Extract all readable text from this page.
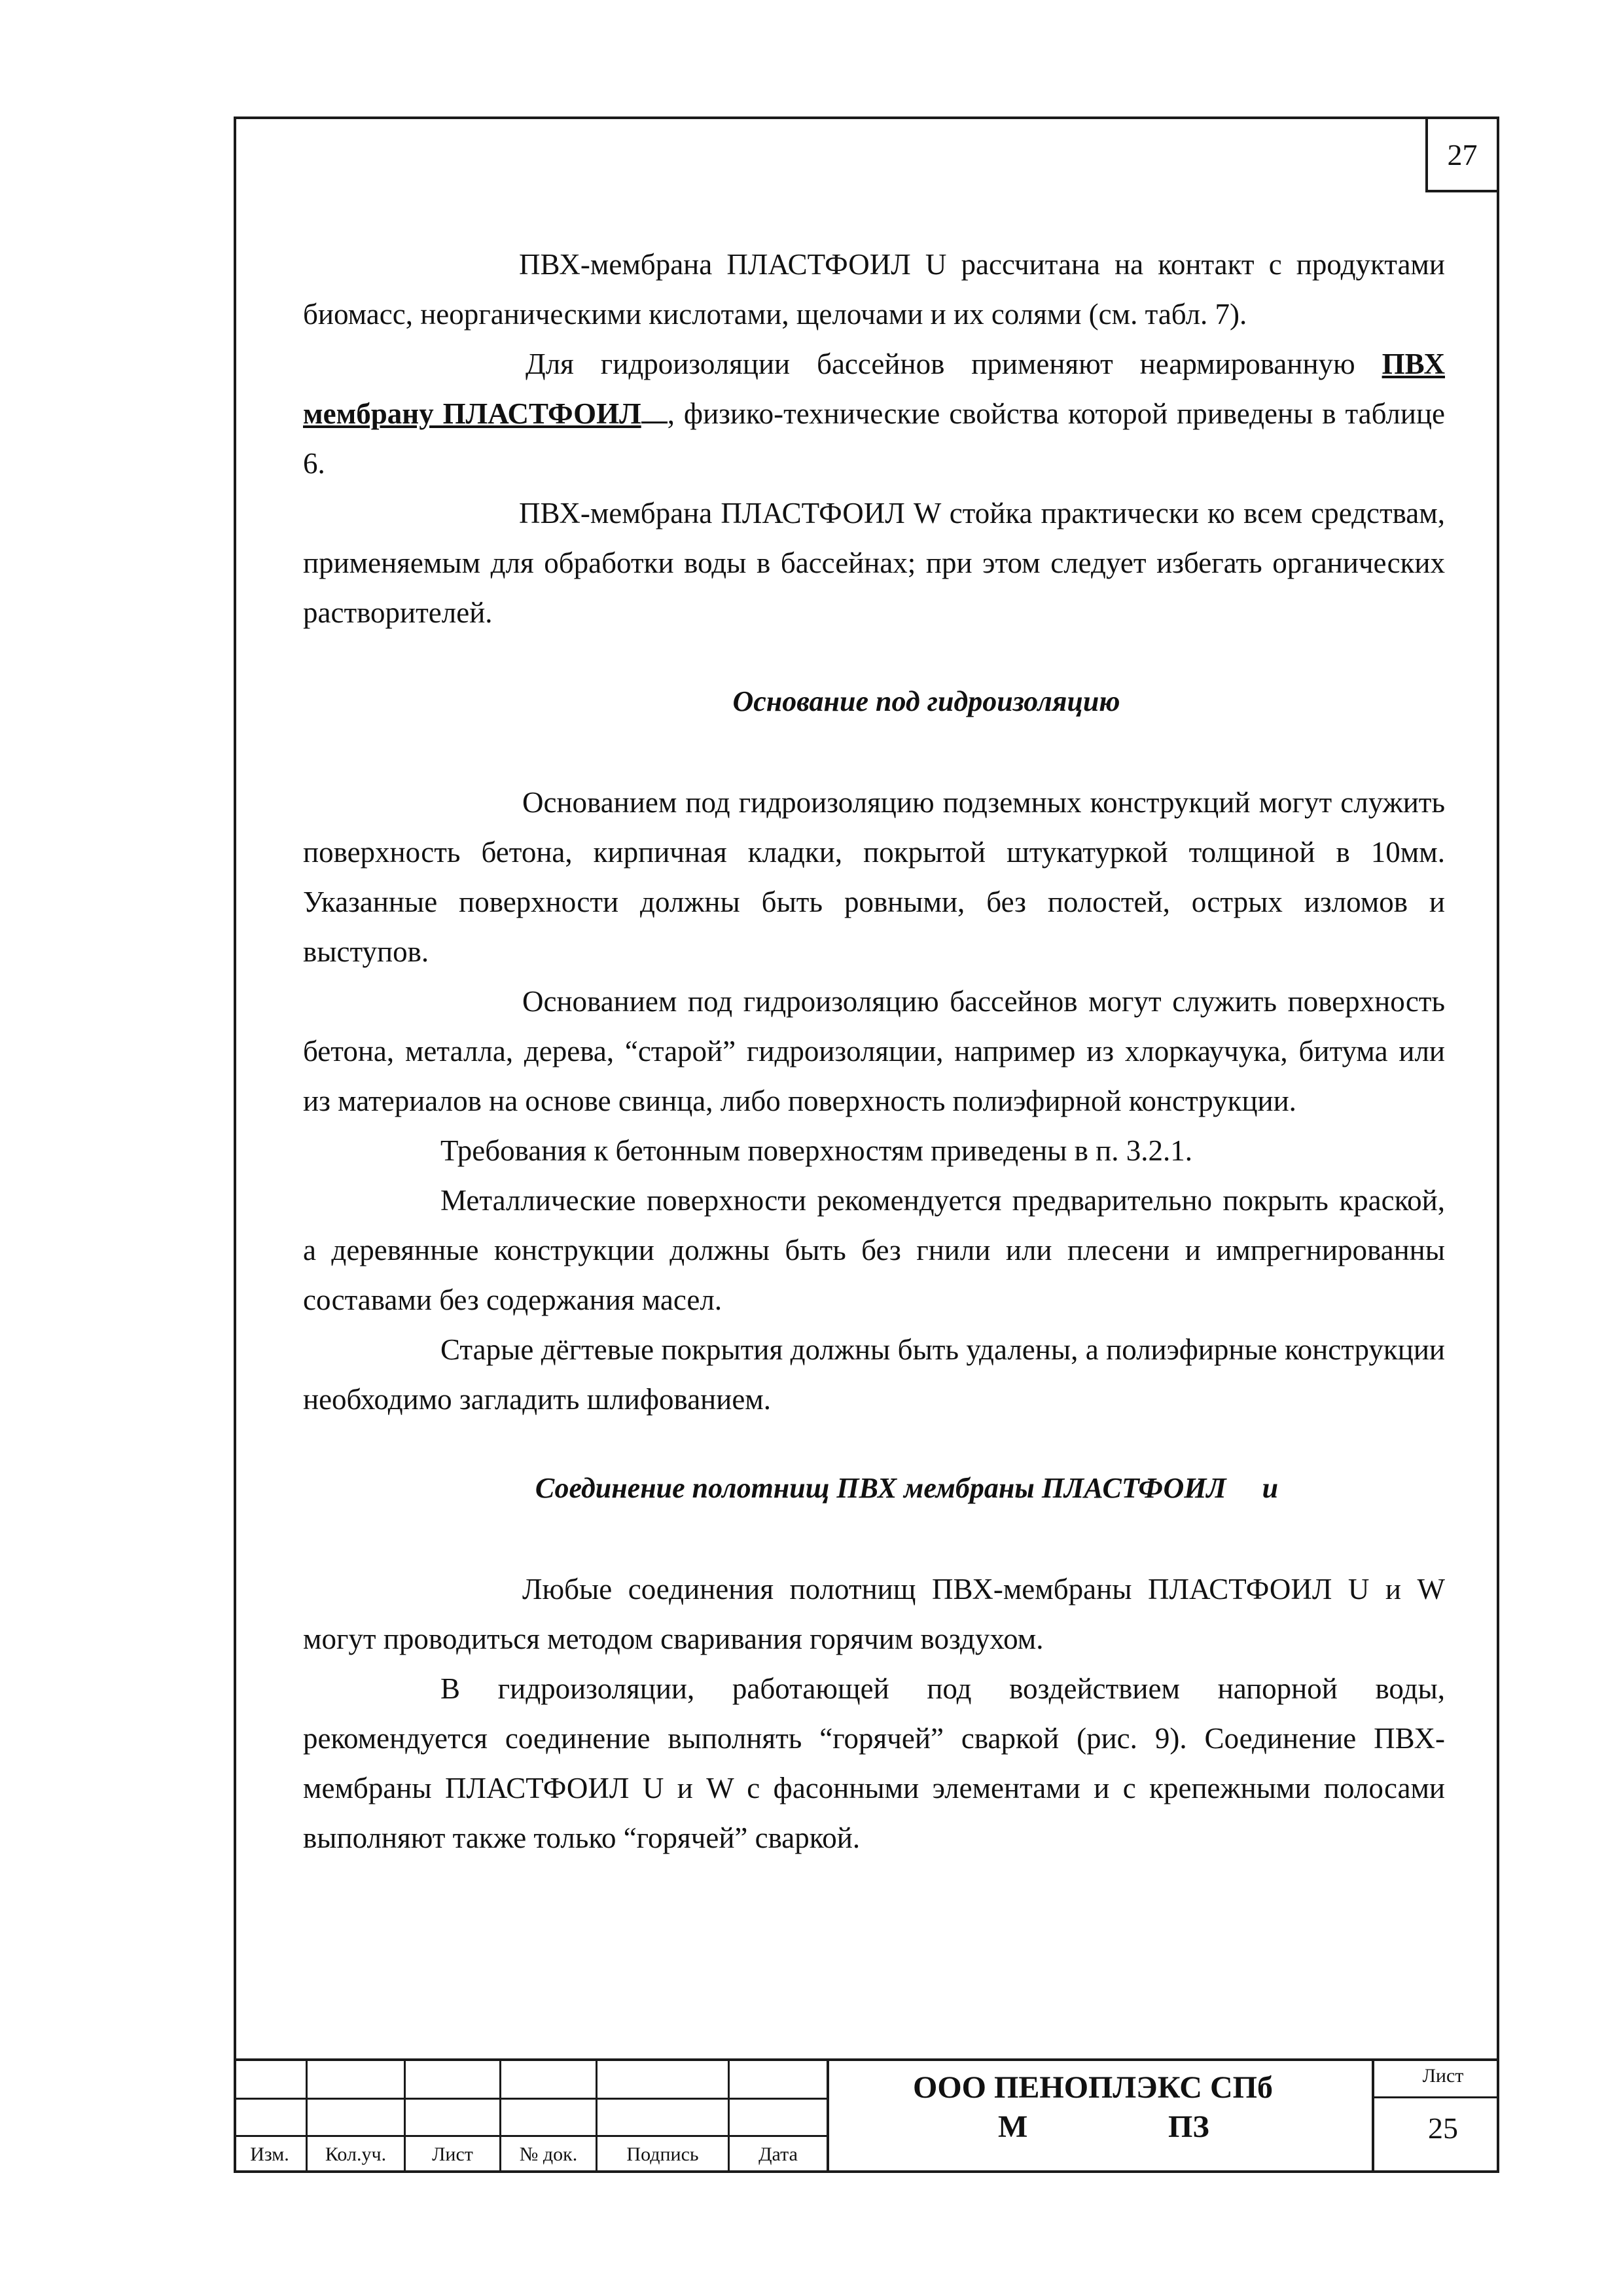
27

ПВХ-мембрана ПЛАСТФОИЛ U рассчитана на контакт с продуктами биомасс, неорганическими кислотами, щелочами и их солями (см. табл. 7).

Для гидроизоляции бассейнов применяют неармированную ПВХ мембрану ПЛАСТФОИЛ , физико-технические свойства которой приведены в таблице 6.

ПВХ-мембрана ПЛАСТФОИЛ W стойка практически ко всем средствам, применяемым для обработки воды в бассейнах; при этом следует избегать органических растворителей.

Основание под гидроизоляцию

Основанием под гидроизоляцию подземных конструкций могут служить поверхность бетона, кирпичная кладки, покрытой штукатуркой толщиной в 10мм. Указанные поверхности должны быть ровными, без полостей, острых изломов и выступов.

Основанием под гидроизоляцию бассейнов могут служить поверхность бетона, металла, дерева, “старой” гидроизоляции, например из хлоркаучука, битума или из материалов на основе свинца, либо поверхность полиэфирной конструкции.

Требования к бетонным поверхностям приведены в п. 3.2.1.

Металлические поверхности рекомендуется предварительно покрыть краской, а деревянные конструкции должны быть без гнили или плесени и импрегнированны составами без содержания масел.

Старые дёгтевые покрытия должны быть удалены, а полиэфирные конструкции необходимо загладить шлифованием.

Соединение полотнищ ПВХ мембраны ПЛАСТФОИЛ и

Любые соединения полотнищ ПВХ-мембраны ПЛАСТФОИЛ U и W могут проводиться методом сваривания горячим воздухом.

В гидроизоляции, работающей под воздействием напорной воды, рекомендуется соединение выполнять “горячей” сваркой (рис. 9). Соединение ПВХ-мембраны ПЛАСТФОИЛ U и W с фасонными элементами и с крепежными полосами выполняют также только “горячей” сваркой.

Изм.	Кол.уч.	Лист	№ док.	Подпись	Дата
ООО ПЕНОПЛЭКС СПб
М	ПЗ
Лист
25
